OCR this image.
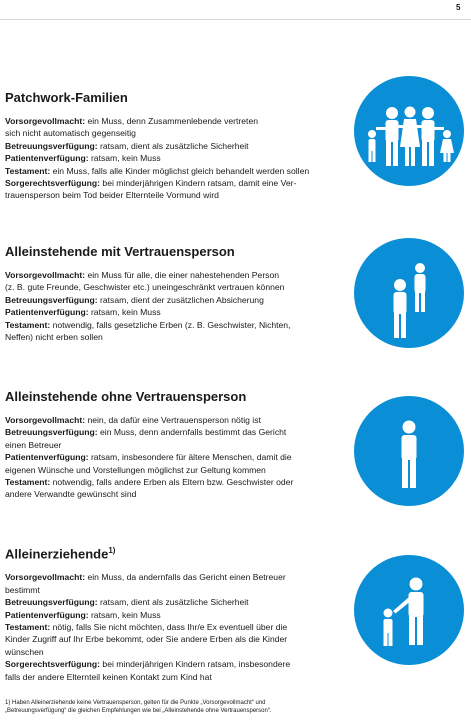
5
Patchwork-Familien

Vorsorgevollmacht: ein Muss, denn Zusammenlebende vertreten

sich nicht automatisch gegenseitig

Betreuungsverfügung: ratsam, dient als zusätzliche Sicherheit

Patientenverfügung: ratsam, kein Muss

Testament: ein Muss, falls alle Kinder möglichst gleich behandelt werden sollen

Sorgerechtsverfügung: bei minderjährigen Kindern ratsam, damit eine Ver-

trauensperson beim Tod beider Elternteile Vormund wird

Alleinstehende mit Vertrauensperson

Vorsorgevollmacht: ein Muss für alle, die einer nahestehenden Person

(z. B. gute Freunde, Geschwister etc.) uneingeschränkt vertrauen können

Betreuungsverfügung: ratsam, dient der zusätzlichen Absicherung

Patientenverfügung: ratsam, kein Muss

Testament: notwendig, falls gesetzliche Erben (z. B. Geschwister, Nichten,

Neffen) nicht erben sollen

Alleinstehende ohne Vertrauensperson

Vorsorgevollmacht: nein, da dafür eine Vertrauensperson nötig ist

Betreuungsverfügung: ein Muss, denn andernfalls bestimmt das Gericht

einen Betreuer

Patientenverfügung: ratsam, insbesondere für ältere Menschen, damit die

eigenen Wünsche und Vorstellungen möglichst zur Geltung kommen

Testament: notwendig, falls andere Erben als Eltern bzw. Geschwister oder

andere Verwandte gewünscht sind

Alleinerziehende$^{1)}$

Vorsorgevollmacht: ein Muss, da andernfalls das Gericht einen Betreuer

bestimmt

Betreuungsverfügung: ratsam, dient als zusätzliche Sicherheit

Patientenverfügung: ratsam, kein Muss

Testament: nötig, falls Sie nicht möchten, dass Ihr/e Ex eventuell über die

Kinder Zugriff auf Ihr Erbe bekommt, oder Sie andere Erben als die Kinder

wünschen

Sorgerechtsverfügung: bei minderjährigen Kindern ratsam, insbesondere

falls der andere Elternteil keinen Kontakt zum Kind hat

1) Haben Alleinerziehende keine Vertrauensperson, gelten für die Punkte „Vorsorgevollmacht“ und

„Betreuungsverfügung“ die gleichen Empfehlungen wie bei „Alleinstehende ohne Vertrauensperson“.
